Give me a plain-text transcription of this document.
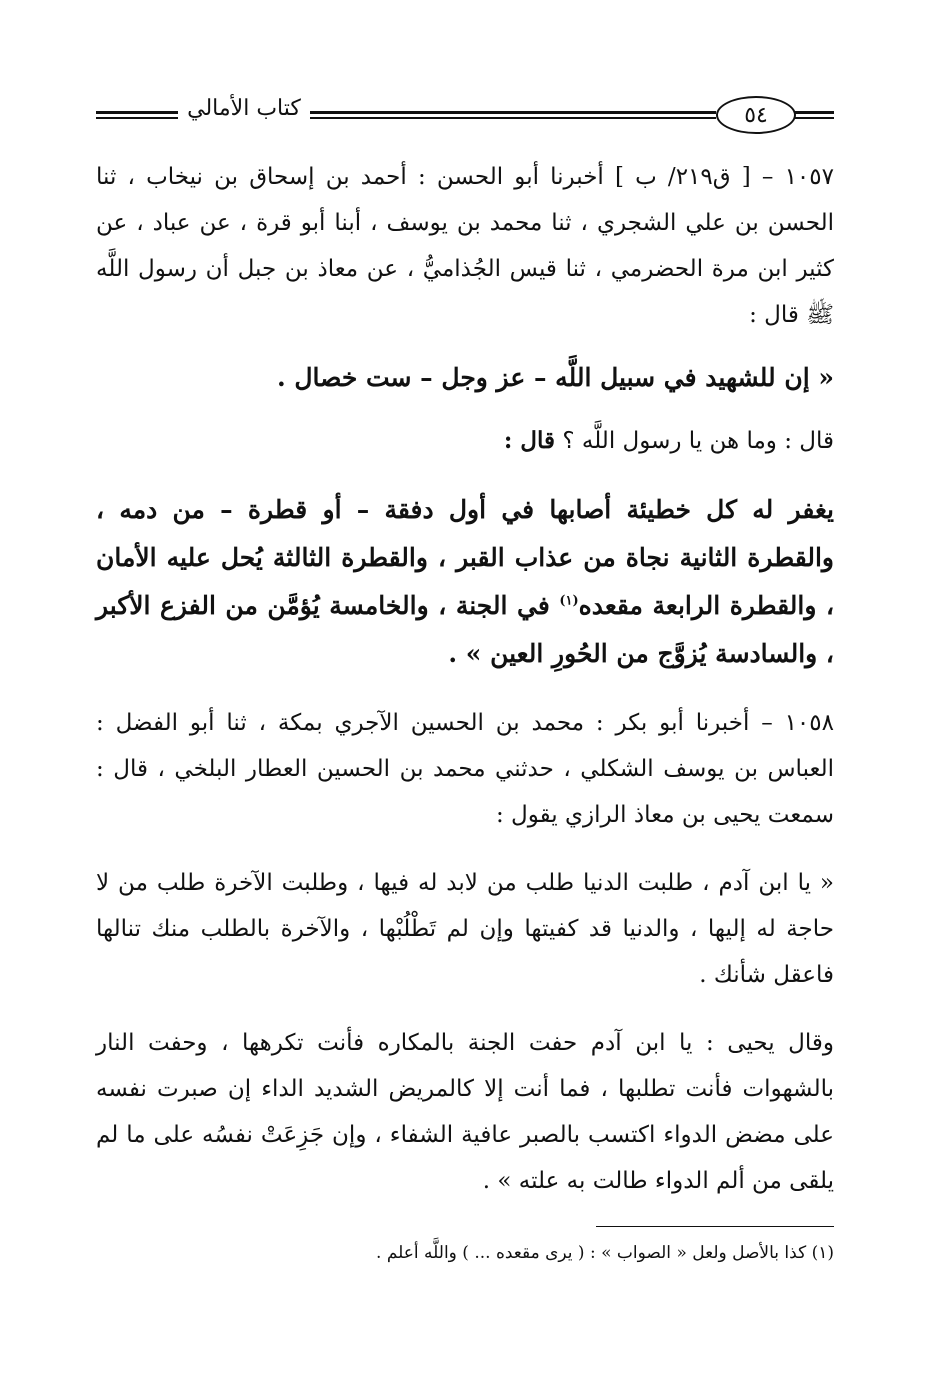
كتاب الأمالي	٥٤

١٠٥٧ – [ ق٢١٩/ ب ] أخبرنا أبو الحسن : أحمد بن إسحاق بن نيخاب ، ثنا الحسن بن علي الشجري ، ثنا محمد بن يوسف ، أبنا أبو قرة ، عن عباد ، عن كثير ابن مرة الحضرمي ، ثنا قيس الجُذاميُّ ، عن معاذ بن جبل أن رسول اللَّه ﷺ قال :

« إن للشهيد في سبيل اللَّه – عز وجل – ست خصال .

قال : وما هن يا رسول اللَّه ؟ قال :

يغفر له كل خطيئة أصابها في أول دفقة – أو قطرة – من دمه ، والقطرة الثانية نجاة من عذاب القبر ، والقطرة الثالثة يُحل عليه الأمان ، والقطرة الرابعة مقعده$^{(١)}$ في الجنة ، والخامسة يُؤمَّن من الفزع الأكبر ، والسادسة يُزوَّج من الحُورِ العين » .

١٠٥٨ – أخبرنا أبو بكر : محمد بن الحسين الآجري بمكة ، ثنا أبو الفضل : العباس بن يوسف الشكلي ، حدثني محمد بن الحسين العطار البلخي ، قال : سمعت يحيى بن معاذ الرازي يقول :

« يا ابن آدم ، طلبت الدنيا طلب من لابد له فيها ، وطلبت الآخرة طلب من لا حاجة له إليها ، والدنيا قد كفيتها وإن لم تَطْلُبْها ، والآخرة بالطلب منك تنالها فاعقل شأنك .

وقال يحيى : يا ابن آدم حفت الجنة بالمكاره فأنت تكرهها ، وحفت النار بالشهوات فأنت تطلبها ، فما أنت إلا كالمريض الشديد الداء إن صبرت نفسه على مضض الدواء اكتسب بالصبر عافية الشفاء ، وإن جَزِعَتْ نفسُه على ما لم يلقى من ألم الدواء طالت به علته » .

(١) كذا بالأصل ولعل « الصواب » : ( يرى مقعده ... ) واللَّه أعلم .
